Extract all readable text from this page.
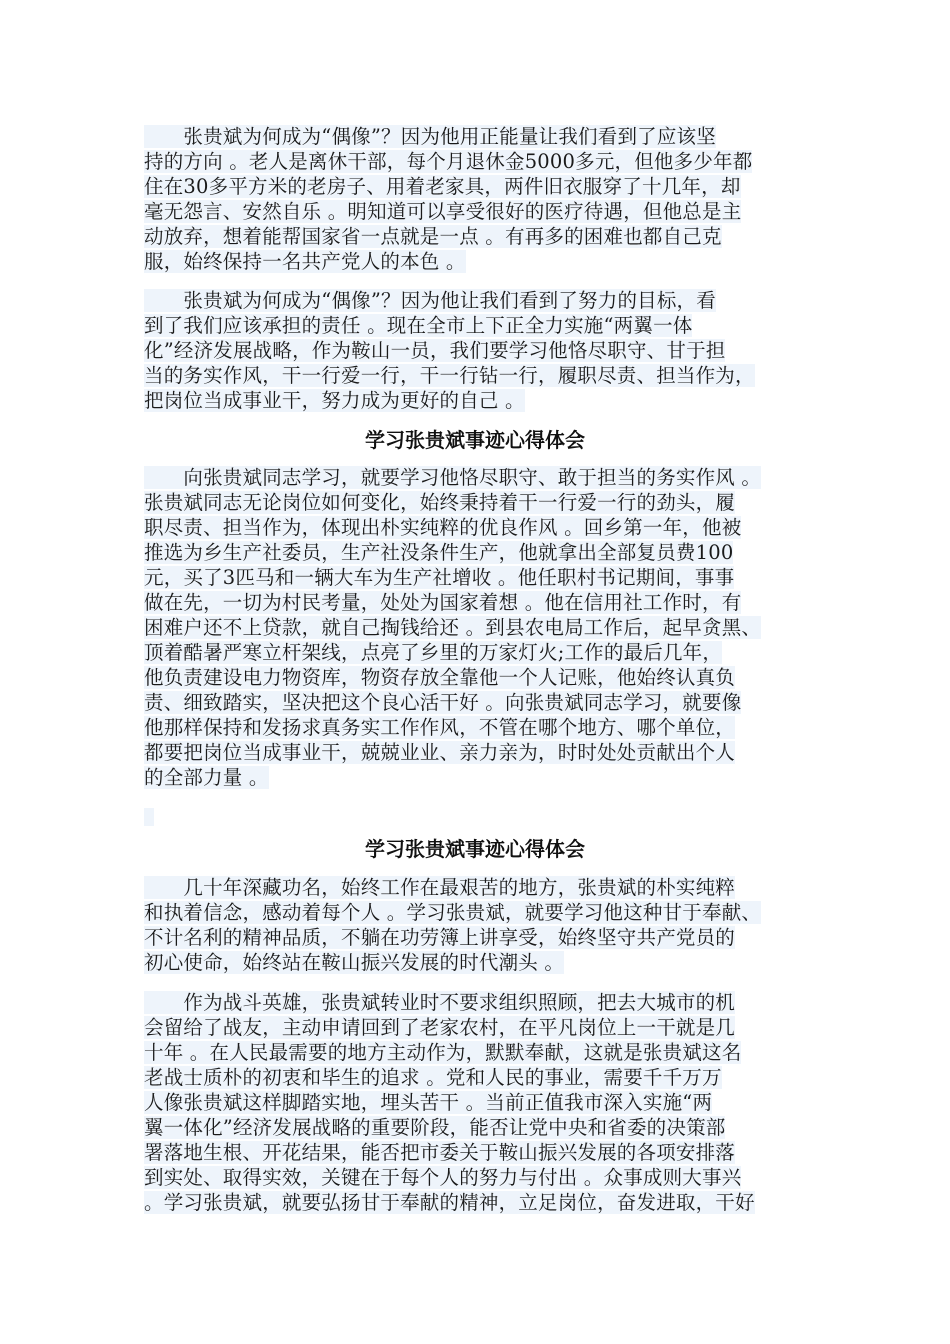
　　张贵斌为何成为“偶像”？因为他用正能量让我们看到了应该坚
持的方向 。老人是离休干部，每个月退休金5000多元，但他多少年都
住在30多平方米的老房子、用着老家具，两件旧衣服穿了十几年，却
毫无怨言、安然自乐 。明知道可以享受很好的医疗待遇，但他总是主
动放弃，想着能帮国家省一点就是一点 。有再多的困难也都自己克
服，始终保持一名共产党人的本色 。
　　张贵斌为何成为“偶像”？因为他让我们看到了努力的目标，看
到了我们应该承担的责任 。现在全市上下正全力实施“两翼一体
化”经济发展战略，作为鞍山一员，我们要学习他恪尽职守、甘于担
当的务实作风，干一行爱一行，干一行钻一行，履职尽责、担当作为，
把岗位当成事业干，努力成为更好的自己 。
学习张贵斌事迹心得体会
　　向张贵斌同志学习，就要学习他恪尽职守、敢于担当的务实作风 。
张贵斌同志无论岗位如何变化，始终秉持着干一行爱一行的劲头，履
职尽责、担当作为，体现出朴实纯粹的优良作风 。回乡第一年，他被
推选为乡生产社委员，生产社没条件生产，他就拿出全部复员费100
元，买了3匹马和一辆大车为生产社增收 。他任职村书记期间，事事
做在先，一切为村民考量，处处为国家着想 。他在信用社工作时，有
困难户还不上贷款，就自己掏钱给还 。到县农电局工作后，起早贪黑、
顶着酷暑严寒立杆架线，点亮了乡里的万家灯火;工作的最后几年，
他负责建设电力物资库，物资存放全靠他一个人记账，他始终认真负
责、细致踏实，坚决把这个良心活干好 。向张贵斌同志学习，就要像
他那样保持和发扬求真务实工作作风，不管在哪个地方、哪个单位，
都要把岗位当成事业干，兢兢业业、亲力亲为，时时处处贡献出个人
的全部力量 。
学习张贵斌事迹心得体会
　　几十年深藏功名，始终工作在最艰苦的地方，张贵斌的朴实纯粹
和执着信念，感动着每个人 。学习张贵斌，就要学习他这种甘于奉献、
不计名利的精神品质，不躺在功劳簿上讲享受，始终坚守共产党员的
初心使命，始终站在鞍山振兴发展的时代潮头 。
　　作为战斗英雄，张贵斌转业时不要求组织照顾，把去大城市的机
会留给了战友，主动申请回到了老家农村，在平凡岗位上一干就是几
十年 。在人民最需要的地方主动作为，默默奉献，这就是张贵斌这名
老战士质朴的初衷和毕生的追求 。党和人民的事业，需要千千万万
人像张贵斌这样脚踏实地，埋头苦干 。当前正值我市深入实施“两
翼一体化”经济发展战略的重要阶段，能否让党中央和省委的决策部
署落地生根、开花结果，能否把市委关于鞍山振兴发展的各项安排落
到实处、取得实效，关键在于每个人的努力与付出 。众事成则大事兴
。学习张贵斌，就要弘扬甘于奉献的精神，立足岗位，奋发进取，干好
